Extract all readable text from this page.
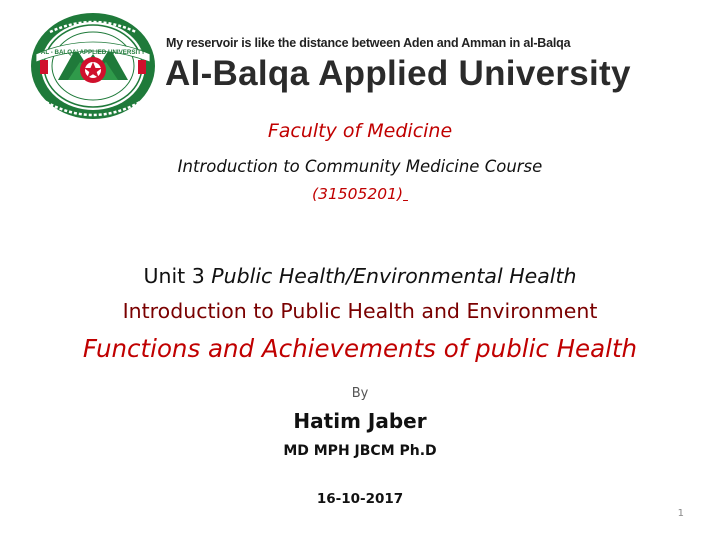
AL - BALQA' APPLIED UNIVERSITY
My reservoir is like the distance between Aden and Amman in al-Balqa
Al-Balqa Applied University
Faculty of Medicine
Introduction to Community Medicine Course
(31505201)
Unit 3 Public Health/Environmental Health
Introduction to Public Health and Environment
Functions and Achievements of public Health
By
Hatim Jaber
MD MPH JBCM Ph.D
16-10-2017
1
